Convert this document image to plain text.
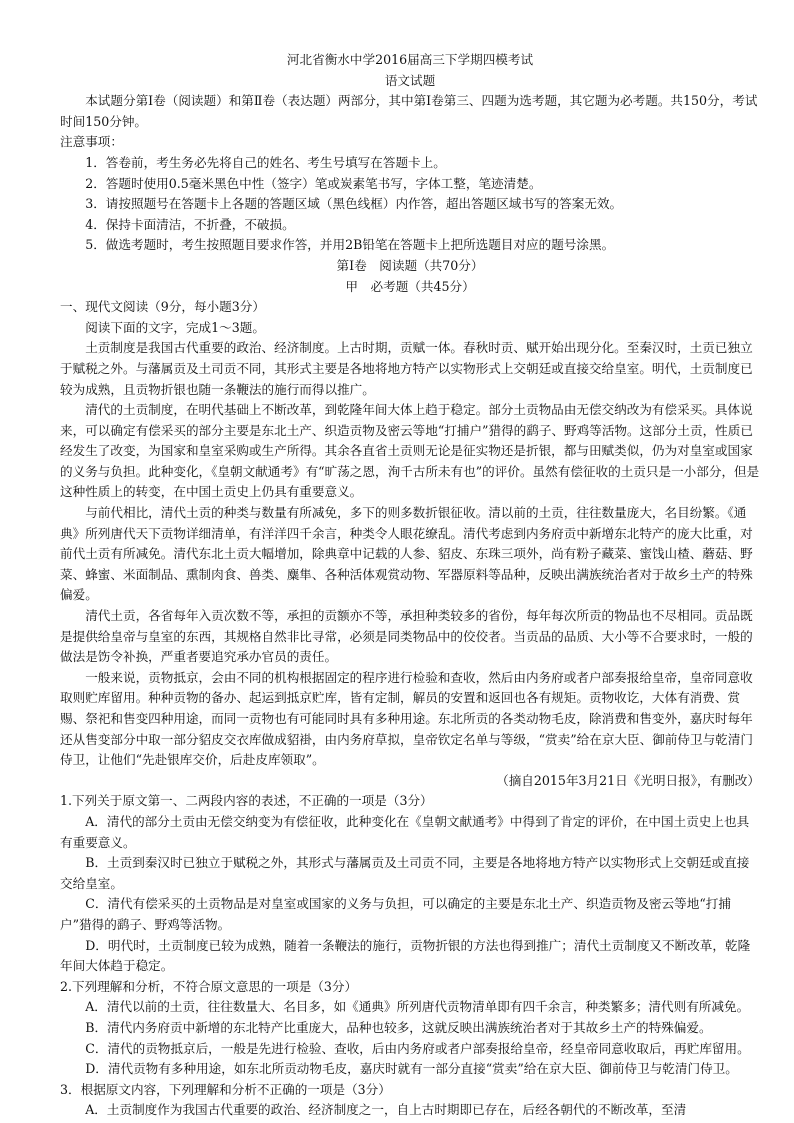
河北省衡水中学2016届高三下学期四模考试
语文试题

本试题分第Ⅰ卷（阅读题）和第Ⅱ卷（表达题）两部分，其中第Ⅰ卷第三、四题为选考题，其它题为必考题。共150分，考试时间150分钟。

注意事项：

1．答卷前，考生务必先将自己的姓名、考生号填写在答题卡上。

2．答题时使用0.5毫米黑色中性（签字）笔或炭素笔书写，字体工整，笔迹清楚。

3．请按照题号在答题卡上各题的答题区域（黑色线框）内作答，超出答题区域书写的答案无效。

4．保持卡面清洁，不折叠，不破损。

5．做选考题时，考生按照题目要求作答，并用2B铅笔在答题卡上把所选题目对应的题号涂黑。

第Ⅰ卷　阅读题（共70分）
甲　必考题（共45分）

一、现代文阅读（9分，每小题3分）

阅读下面的文字，完成1～3题。

土贡制度是我国古代重要的政治、经济制度。上古时期，贡赋一体。春秋时贡、赋开始出现分化。至秦汉时，土贡已独立于赋税之外。与藩属贡及土司贡不同，其形式主要是各地将地方特产以实物形式上交朝廷或直接交给皇室。明代，土贡制度已较为成熟，且贡物折银也随一条鞭法的施行而得以推广。

清代的土贡制度，在明代基础上不断改革，到乾隆年间大体上趋于稳定。部分土贡物品由无偿交纳改为有偿采买。具体说来，可以确定有偿采买的部分主要是东北土产、织造贡物及密云等地“打捕户”猎得的鹞子、野鸡等活物。这部分土贡，性质已经发生了改变，为国家和皇室采购或生产所得。其余各直省土贡则无论是征实物还是折银，都与田赋类似，仍为对皇室或国家的义务与负担。此种变化，《皇朝文献通考》有“旷荡之恩，洵千古所未有也”的评价。虽然有偿征收的土贡只是一小部分，但是这种性质上的转变，在中国土贡史上仍具有重要意义。

与前代相比，清代土贡的种类与数量有所减免，多下的则多数折银征收。清以前的土贡，往往数量庞大，名目纷繁。《通典》所列唐代天下贡物详细清单，有洋洋四千余言，种类令人眼花缭乱。清代考虑到内务府贡中新增东北特产的庞大比重，对前代土贡有所减免。清代东北土贡大幅增加，除典章中记载的人参、貂皮、东珠三项外，尚有粉子藏菜、蜜饯山楂、蘑菇、野菜、蜂蜜、米面制品、熏制肉食、兽类、麋隼、各种活体观赏动物、军器原料等品种，反映出满族统治者对于故乡土产的特殊偏爱。

清代土贡，各省每年入贡次数不等，承担的贡额亦不等，承担种类较多的省份，每年每次所贡的物品也不尽相同。贡品既是提供给皇帝与皇室的东西，其规格自然非比寻常，必须是同类物品中的佼佼者。当贡品的品质、大小等不合要求时，一般的做法是饬令补换，严重者要追究承办官员的责任。

一般来说，贡物抵京，会由不同的机构根据固定的程序进行检验和查收，然后由内务府或者户部奏报给皇帝，皇帝同意收取则贮库留用。种种贡物的备办、起运到抵京贮库，皆有定制，解员的安置和返回也各有规矩。贡物收讫，大体有消费、赏赐、祭祀和售变四种用途，而同一贡物也有可能同时具有多种用途。东北所贡的各类动物毛皮，除消费和售变外，嘉庆时每年还从售变部分中取一部分貂皮交衣库做成貂褂，由内务府草拟，皇帝钦定名单与等级，“赏卖”给在京大臣、御前侍卫与乾清门侍卫，让他们“先赴银库交价，后赴皮库领取”。

（摘自2015年3月21日《光明日报》，有删改）

1.下列关于原文第一、二两段内容的表述，不正确的一项是（3分）

A．清代的部分土贡由无偿交纳变为有偿征收，此种变化在《皇朝文献通考》中得到了肯定的评价，在中国土贡史上也具有重要意义。

B．土贡到秦汉时已独立于赋税之外，其形式与藩属贡及土司贡不同，主要是各地将地方特产以实物形式上交朝廷或直接交给皇室。

C．清代有偿采买的土贡物品是对皇室或国家的义务与负担，可以确定的主要是东北土产、织造贡物及密云等地“打捕户”猎得的鹞子、野鸡等活物。

D．明代时，土贡制度已较为成熟，随着一条鞭法的施行，贡物折银的方法也得到推广；清代土贡制度又不断改革，乾隆年间大体趋于稳定。

2.下列理解和分析，不符合原文意思的一项是（3分）

A．清代以前的土贡，往往数量大、名目多，如《通典》所列唐代贡物清单即有四千余言，种类繁多；清代则有所减免。

B．清代内务府贡中新增的东北特产比重庞大，品种也较多，这就反映出满族统治者对于其故乡土产的特殊偏爱。

C．清代的贡物抵京后，一般是先进行检验、查收，后由内务府或者户部奏报给皇帝，经皇帝同意收取后，再贮库留用。

D．清代贡物有多种用途，如东北所贡动物毛皮，嘉庆时就有一部分直接“赏卖”给在京大臣、御前侍卫与乾清门侍卫。

3．根据原文内容，下列理解和分析不正确的一项是（3分）

A．土贡制度作为我国古代重要的政治、经济制度之一，自上古时期即已存在，后经各朝代的不断改革，至清
